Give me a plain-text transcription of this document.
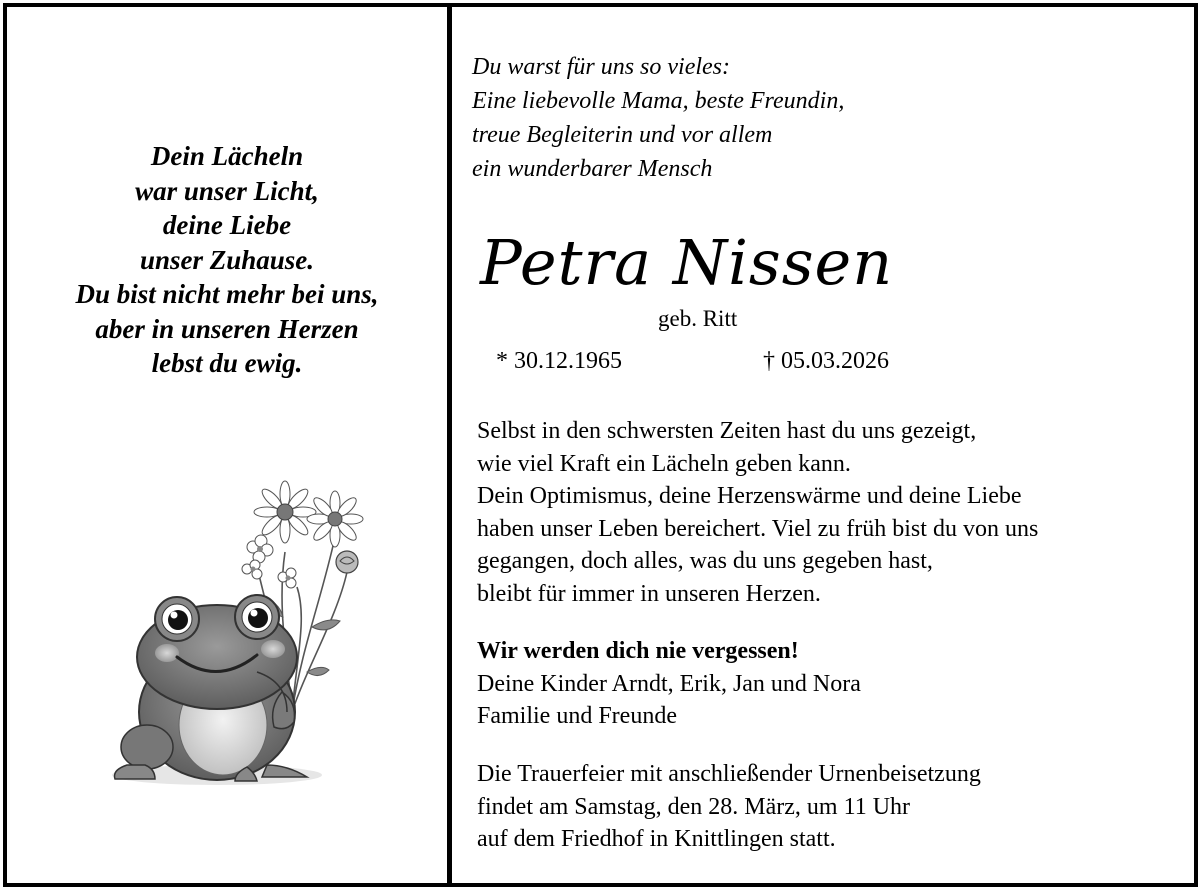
Dein Lächeln
war unser Licht,
deine Liebe
unser Zuhause.
Du bist nicht mehr bei uns,
aber in unseren Herzen
lebst du ewig.
Du warst für uns so vieles:
Eine liebevolle Mama, beste Freundin,
treue Begleiterin und vor allem
ein wunderbarer Mensch
Petra Nissen
geb. Ritt
* 30.12.1965	† 05.03.2026
Selbst in den schwersten Zeiten hast du uns gezeigt,
wie viel Kraft ein Lächeln geben kann.
Dein Optimismus, deine Herzenswärme und deine Liebe
haben unser Leben bereichert. Viel zu früh bist du von uns
gegangen, doch alles, was du uns gegeben hast,
bleibt für immer in unseren Herzen.
Wir werden dich nie vergessen!
Deine Kinder Arndt, Erik, Jan und Nora
Familie und Freunde
Die Trauerfeier mit anschließender Urnenbeisetzung
findet am Samstag, den 28. März, um 11 Uhr
auf dem Friedhof in Knittlingen statt.
